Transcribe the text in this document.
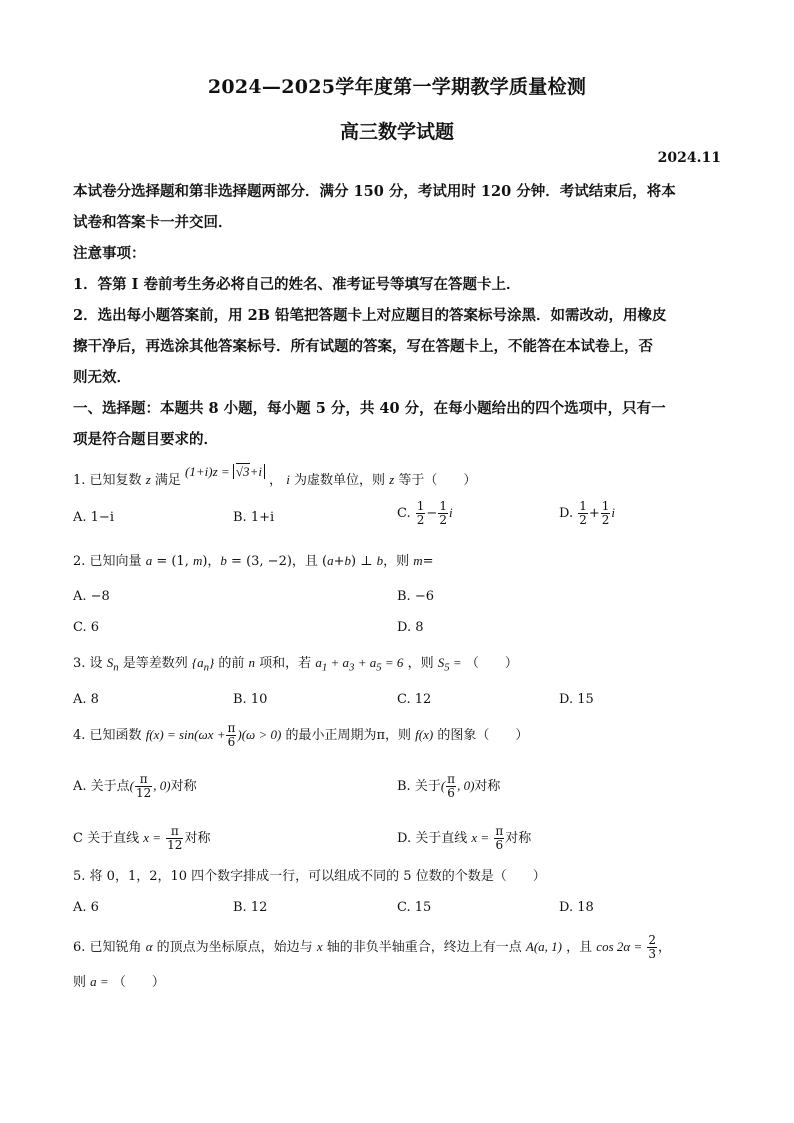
2024—2025学年度第一学期教学质量检测
高三数学试题
2024.11
本试卷分选择题和第非选择题两部分．满分 150 分，考试用时 120 分钟．考试结束后，将本
试卷和答案卡一并交回．
注意事项：
1．答第 I 卷前考生务必将自己的姓名、准考证号等填写在答题卡上．
2．选出每小题答案前，用 2B 铅笔把答题卡上对应题目的答案标号涂黑．如需改动，用橡皮
擦干净后，再选涂其他答案标号．所有试题的答案，写在答题卡上，不能答在本试卷上，否
则无效．
一、选择题：本题共 8 小题，每小题 5 分，共 40 分，在每小题给出的四个选项中，只有一
项是符合题目要求的．
1. 已知复数 z 满足 (1+i)z = √3+i ， i 为虚数单位，则 z 等于（　　）
A. 1−i	B. 1+i	C. $\frac{1}{2} - \frac{1}{2}$ i	D. $\frac{1}{2} + \frac{1}{2}$ i
2. 已知向量 a = (1, m)，b = (3, −2)，且 (a+b) ⊥ b，则 m=
A. −8	B. −6
C. 6	D. 8
3. 设 $S_n$ 是等差数列 $\{a_n\}$ 的前 n 项和，若 $a_1 + a_3 + a_5 = 6$ ，则 $S_5$ = （　　）
A. 8	B. 10	C. 12	D. 15
4. 已知函数 $f(x) = \sin(\omega x + \frac{\pi}{6} )(\omega > 0)$ 的最小正周期为π，则 f(x) 的图象（　　）
A. 关于点( $\frac{\pi}{12}$ , 0)对称	B. 关于( $\frac{\pi}{6}$ , 0)对称
C 关于直线 $x = \frac{\pi}{12}$ 对称	D. 关于直线 $x = \frac{\pi}{6}$ 对称
5. 将 0，1，2，10 四个数字排成一行，可以组成不同的 5 位数的个数是（　　）
A. 6	B. 12	C. 15	D. 18
6. 已知锐角 α 的顶点为坐标原点，始边与 x 轴的非负半轴重合，终边上有一点 A(a, 1) ，且 $\cos 2\alpha = \frac{2}{3}$ ，
则 a = （　　）
